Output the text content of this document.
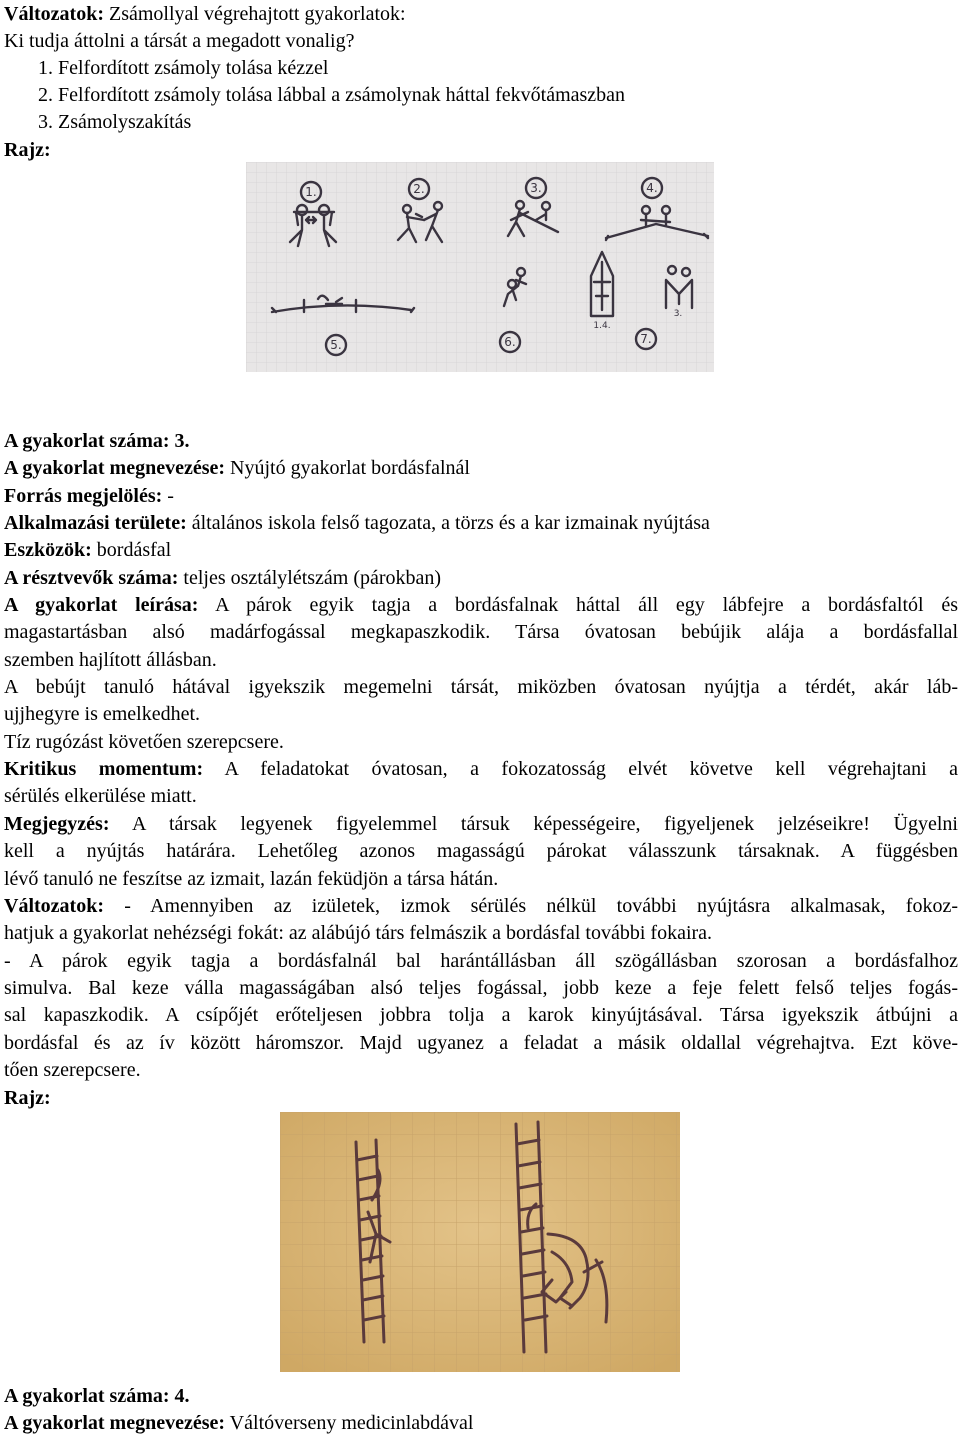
Változatok: Zsámollyal végrehajtott gyakorlatok:
Ki tudja áttolni a társát a megadott vonalig?
1. Felfordított zsámoly tolása kézzel
2. Felfordított zsámoly tolása lábbal a zsámolynak háttal fekvőtámaszban
3. Zsámolyszakítás
Rajz:
1.	2.	3.	4.
5.	6.	7.
1.4.
3.
A gyakorlat száma: 3.
A gyakorlat megnevezése: Nyújtó gyakorlat bordásfalnál
Forrás megjelölés: -
Alkalmazási területe: általános iskola felső tagozata, a törzs és a kar izmainak nyújtása
Eszközök: bordásfal
A résztvevők száma: teljes osztálylétszám (párokban)
A gyakorlat leírása: A párok egyik tagja a bordásfalnak háttal áll egy lábfejre a bordásfaltól és
magastartásban alsó madárfogással megkapaszkodik. Társa óvatosan bebújik alája a bordásfallal
szemben hajlított állásban.
A bebújt tanuló hátával igyekszik megemelni társát, miközben óvatosan nyújtja a térdét, akár láb-
ujjhegyre is emelkedhet.
Tíz rugózást követően szerepcsere.
Kritikus momentum: A feladatokat óvatosan, a fokozatosság elvét követve kell végrehajtani a
sérülés elkerülése miatt.
Megjegyzés: A társak legyenek figyelemmel társuk képességeire, figyeljenek jelzéseikre! Ügyelni
kell a nyújtás határára. Lehetőleg azonos magasságú párokat válasszunk társaknak. A függésben
lévő tanuló ne feszítse az izmait, lazán feküdjön a társa hátán.
Változatok: - Amennyiben az izületek, izmok sérülés nélkül további nyújtásra alkalmasak, fokoz-
hatjuk a gyakorlat nehézségi fokát: az alábújó társ felmászik a bordásfal további fokaira.
- A párok egyik tagja a bordásfalnál bal harántállásban áll szögállásban szorosan a bordásfalhoz
simulva. Bal keze válla magasságában alsó teljes fogással, jobb keze a feje felett felső teljes fogás-
sal kapaszkodik. A csípőjét erőteljesen jobbra tolja a karok kinyújtásával. Társa igyekszik átbújni a
bordásfal és az ív között háromszor. Majd ugyanez a feladat a másik oldallal végrehajtva. Ezt köve-
tően szerepcsere.
Rajz:
A gyakorlat száma: 4.
A gyakorlat megnevezése: Váltóverseny medicinlabdával
